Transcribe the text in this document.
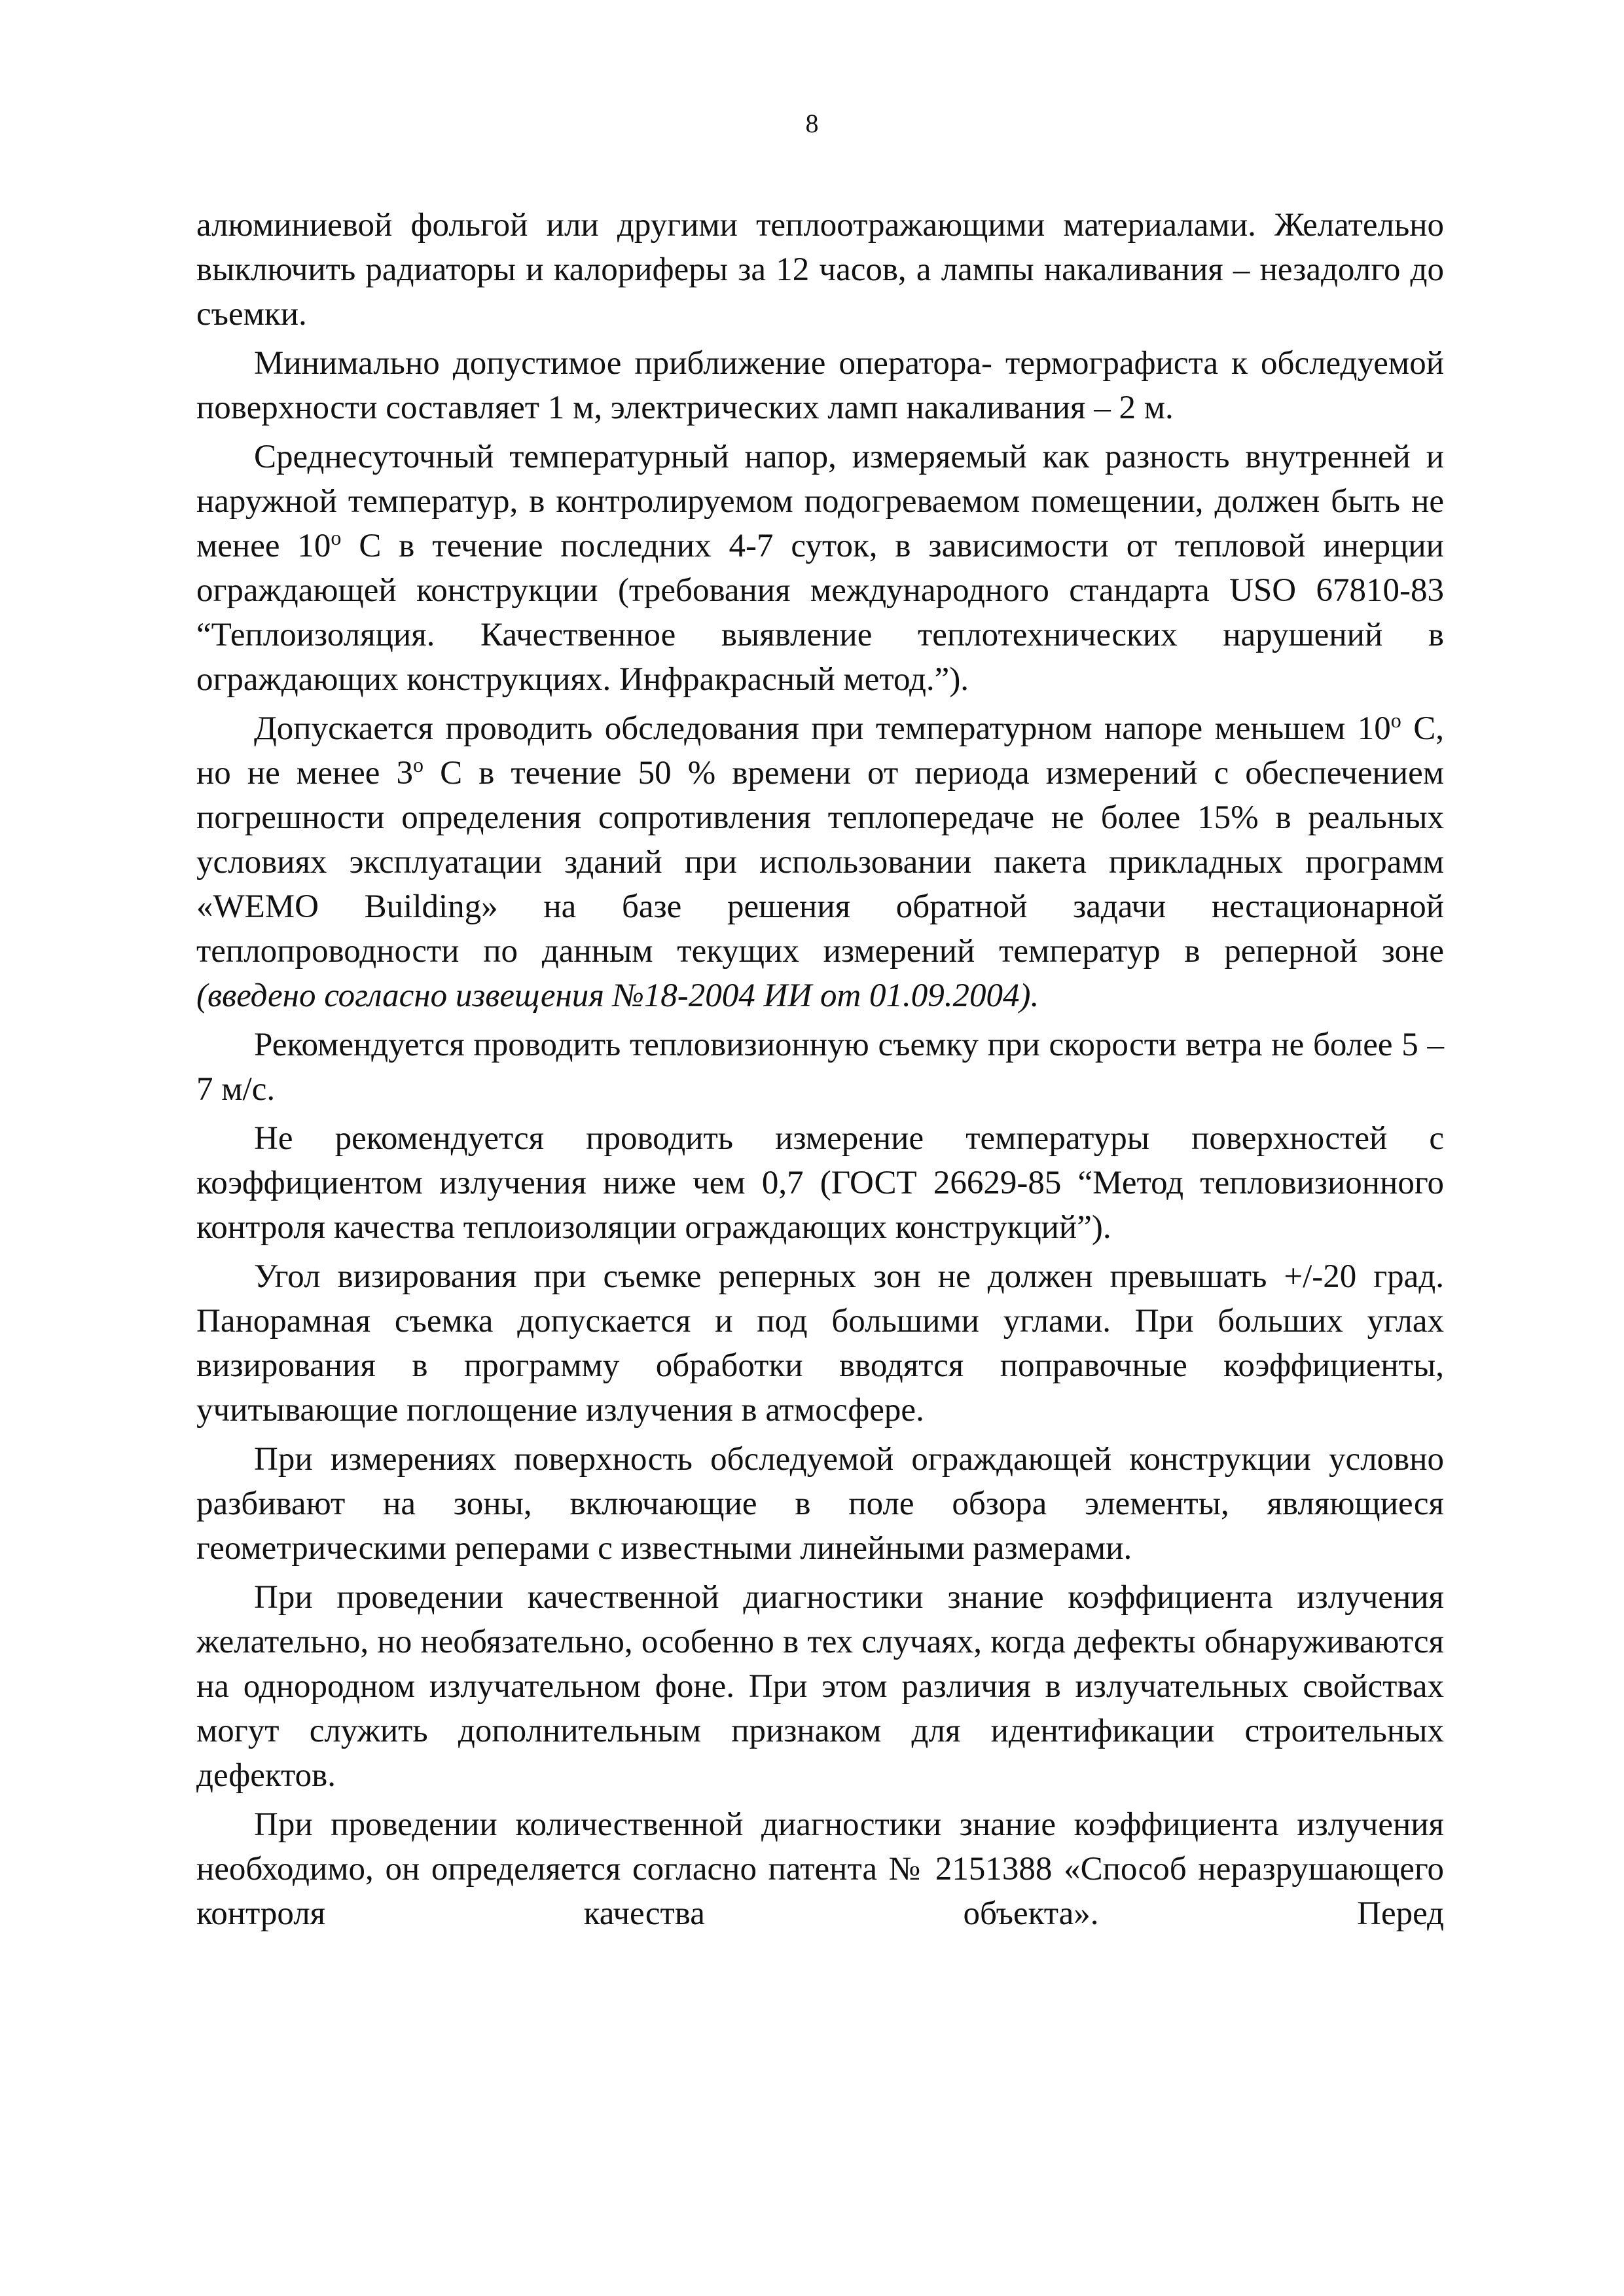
8

алюминиевой фольгой или другими теплоотражающими материалами. Желательно выключить радиаторы и калориферы за 12 часов, а лампы накаливания – незадолго до съемки.

Минимально допустимое приближение оператора- термографиста к обследуемой поверхности составляет 1 м, электрических ламп накаливания – 2 м.

Среднесуточный температурный напор, измеряемый как разность внутренней и наружной температур, в контролируемом подогреваемом помещении, должен быть не менее 10$^o$ С в течение последних 4-7 суток, в зависимости от тепловой инерции ограждающей конструкции (требования международного стандарта USO 67810-83 “Теплоизоляция. Качественное выявление теплотехнических нарушений в ограждающих конструкциях. Инфракрасный метод.”).

Допускается проводить обследования при температурном напоре меньшем 10$^o$ С, но не менее 3$^o$ С в течение 50 % времени от периода измерений с обеспечением погрешности определения сопротивления теплопередаче не более 15% в реальных условиях эксплуатации зданий при использовании пакета прикладных программ «WEMO Building» на базе решения обратной задачи нестационарной теплопроводности по данным текущих измерений температур в реперной зоне (введено согласно извещения №18-2004 ИИ от 01.09.2004).

Рекомендуется проводить тепловизионную съемку при скорости ветра не более 5 – 7 м/с.

Не рекомендуется проводить измерение температуры поверхностей с коэффициентом излучения ниже чем 0,7 (ГОСТ 26629-85 “Метод тепловизионного контроля качества теплоизоляции ограждающих конструкций”).

Угол визирования при съемке реперных зон не должен превышать +/-20 град. Панорамная съемка допускается и под большими углами. При больших углах визирования в программу обработки вводятся поправочные коэффициенты, учитывающие поглощение излучения в атмосфере.

При измерениях поверхность обследуемой ограждающей конструкции условно разбивают на зоны, включающие в поле обзора элементы, являющиеся геометрическими реперами с известными линейными размерами.

При проведении качественной диагностики знание коэффициента излучения желательно, но необязательно, особенно в тех случаях, когда дефекты обнаруживаются на однородном излучательном фоне. При этом различия в излучательных свойствах могут служить дополнительным признаком для идентификации строительных дефектов.

При проведении количественной диагностики знание коэффициента излучения необходимо, он определяется согласно патента № 2151388 «Способ неразрушающего контроля качества объекта». Перед
